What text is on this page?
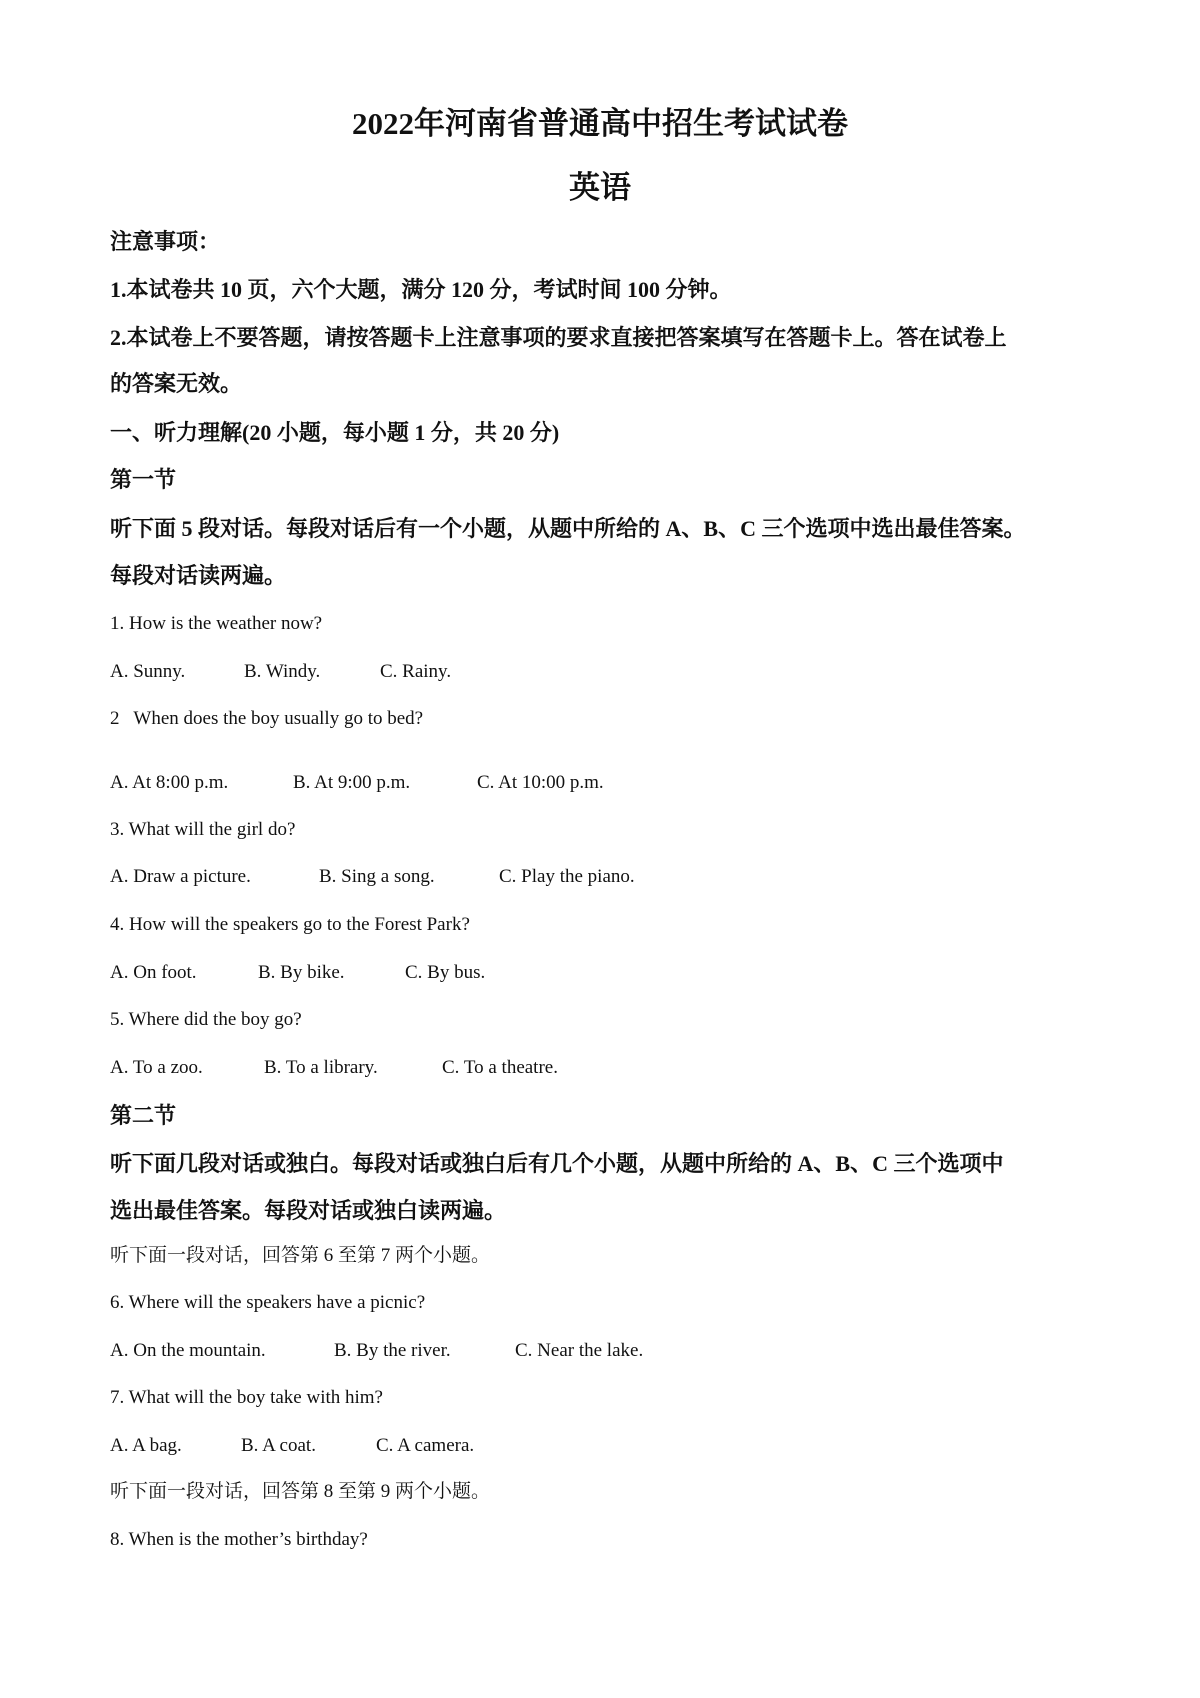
2022年河南省普通高中招生考试试卷
英语

注意事项：

1.本试卷共 10 页，六个大题，满分 120 分，考试时间 100 分钟。

2.本试卷上不要答题，请按答题卡上注意事项的要求直接把答案填写在答题卡上。答在试卷上

的答案无效。

一、听力理解(20 小题，每小题 1 分，共 20 分)

第一节

听下面 5 段对话。每段对话后有一个小题，从题中所给的 A、B、C 三个选项中选出最佳答案。

每段对话读两遍。

1. How is the weather now?

A. Sunny.	B. Windy.	C. Rainy.

2   When does the boy usually go to bed?

A. At 8:00 p.m.	B. At 9:00 p.m.	C. At 10:00 p.m.

3. What will the girl do?

A. Draw a picture.	B. Sing a song.	C. Play the piano.

4. How will the speakers go to the Forest Park?

A. On foot.	B. By bike.	C. By bus.

5. Where did the boy go?

A. To a zoo.	B. To a library.	C. To a theatre.

第二节

听下面几段对话或独白。每段对话或独白后有几个小题，从题中所给的 A、B、C 三个选项中

选出最佳答案。每段对话或独白读两遍。

听下面一段对话，回答第 6 至第 7 两个小题。

6. Where will the speakers have a picnic?

A. On the mountain.	B. By the river.	C. Near the lake.

7. What will the boy take with him?

A. A bag.	B. A coat.	C. A camera.

听下面一段对话，回答第 8 至第 9 两个小题。

8. When is the mother’s birthday?
